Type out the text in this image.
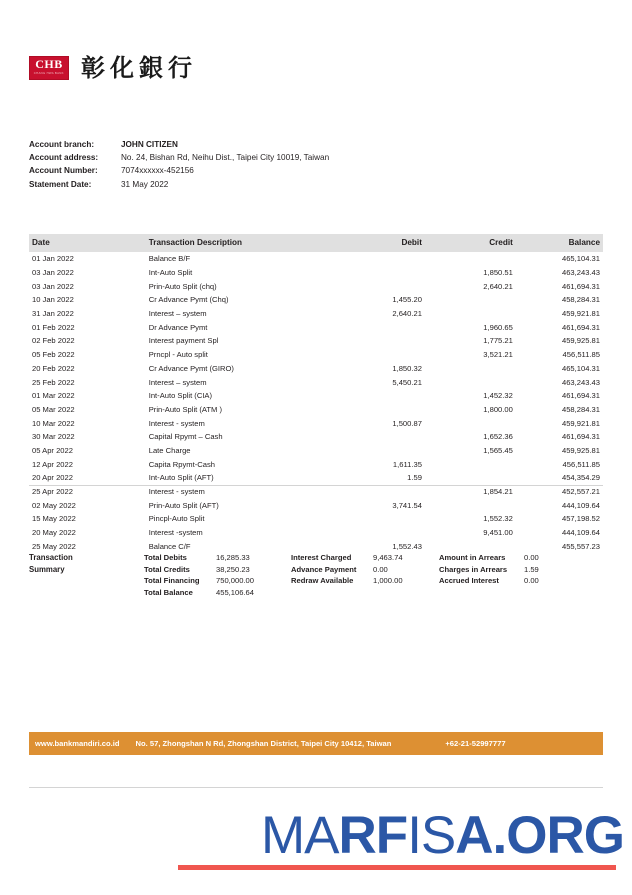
CHB
CHANG HWA BANK 彰化銀行
Account branch:	JOHN CITIZEN
Account address:	No. 24, Bishan Rd, Neihu Dist., Taipei City 10019, Taiwan
Account Number:	7074xxxxxx-452156
Statement Date:	31 May 2022
Date	Transaction Description	Debit	Credit	Balance
01 Jan 2022	Balance B/F			465,104.31
03 Jan 2022	Int-Auto Split		1,850.51	463,243.43
03 Jan 2022	Prin-Auto Split (chq)		2,640.21	461,694.31
10 Jan 2022	Cr Advance Pymt (Chq)	1,455.20		458,284.31
31 Jan 2022	Interest – system	2,640.21		459,921.81
01 Feb 2022	Dr Advance Pymt		1,960.65	461,694.31
02 Feb 2022	Interest payment Spl		1,775.21	459,925.81
05 Feb 2022	Prncpl - Auto split		3,521.21	456,511.85
20 Feb 2022	Cr Advance Pymt (GIRO)	1,850.32		465,104.31
25 Feb 2022	Interest – system	5,450.21		463,243.43
01 Mar 2022	Int-Auto Split (CIA)		1,452.32	461,694.31
05 Mar 2022	Prin-Auto Split (ATM )		1,800.00	458,284.31
10 Mar 2022	Interest - system	1,500.87		459,921.81
30 Mar 2022	Capital Rpymt – Cash		1,652.36	461,694.31
05 Apr 2022	Late Charge		1,565.45	459,925.81
12 Apr 2022	Capita Rpymt-Cash	1,611.35		456,511.85
20 Apr 2022	Int-Auto Split (AFT)	1.59		454,354.29
25 Apr 2022	Interest - system		1,854.21	452,557.21
02 May 2022	Prin-Auto Split (AFT)	3,741.54		444,109.64
15 May 2022	Pincpl-Auto Split		1,552.32	457,198.52
20 May 2022	Interest -system		9,451.00	444,109.64
25 May 2022	Balance C/F	1,552.43		455,557.23
Transaction
Summary
Total Debits	16,285.33
Total Credits	38,250.23
Total Financing	750,000.00
Total Balance	455,106.64
Interest Charged	9,463.74
Advance Payment	0.00
Redraw Available	1,000.00
Amount in Arrears	0.00
Charges in Arrears	1.59
Accrued Interest	0.00
www.bankmandiri.co.id No. 57, Zhongshan N Rd, Zhongshan District, Taipei City 10412, Taiwan	+62-21-52997777
MARFISA.ORG
